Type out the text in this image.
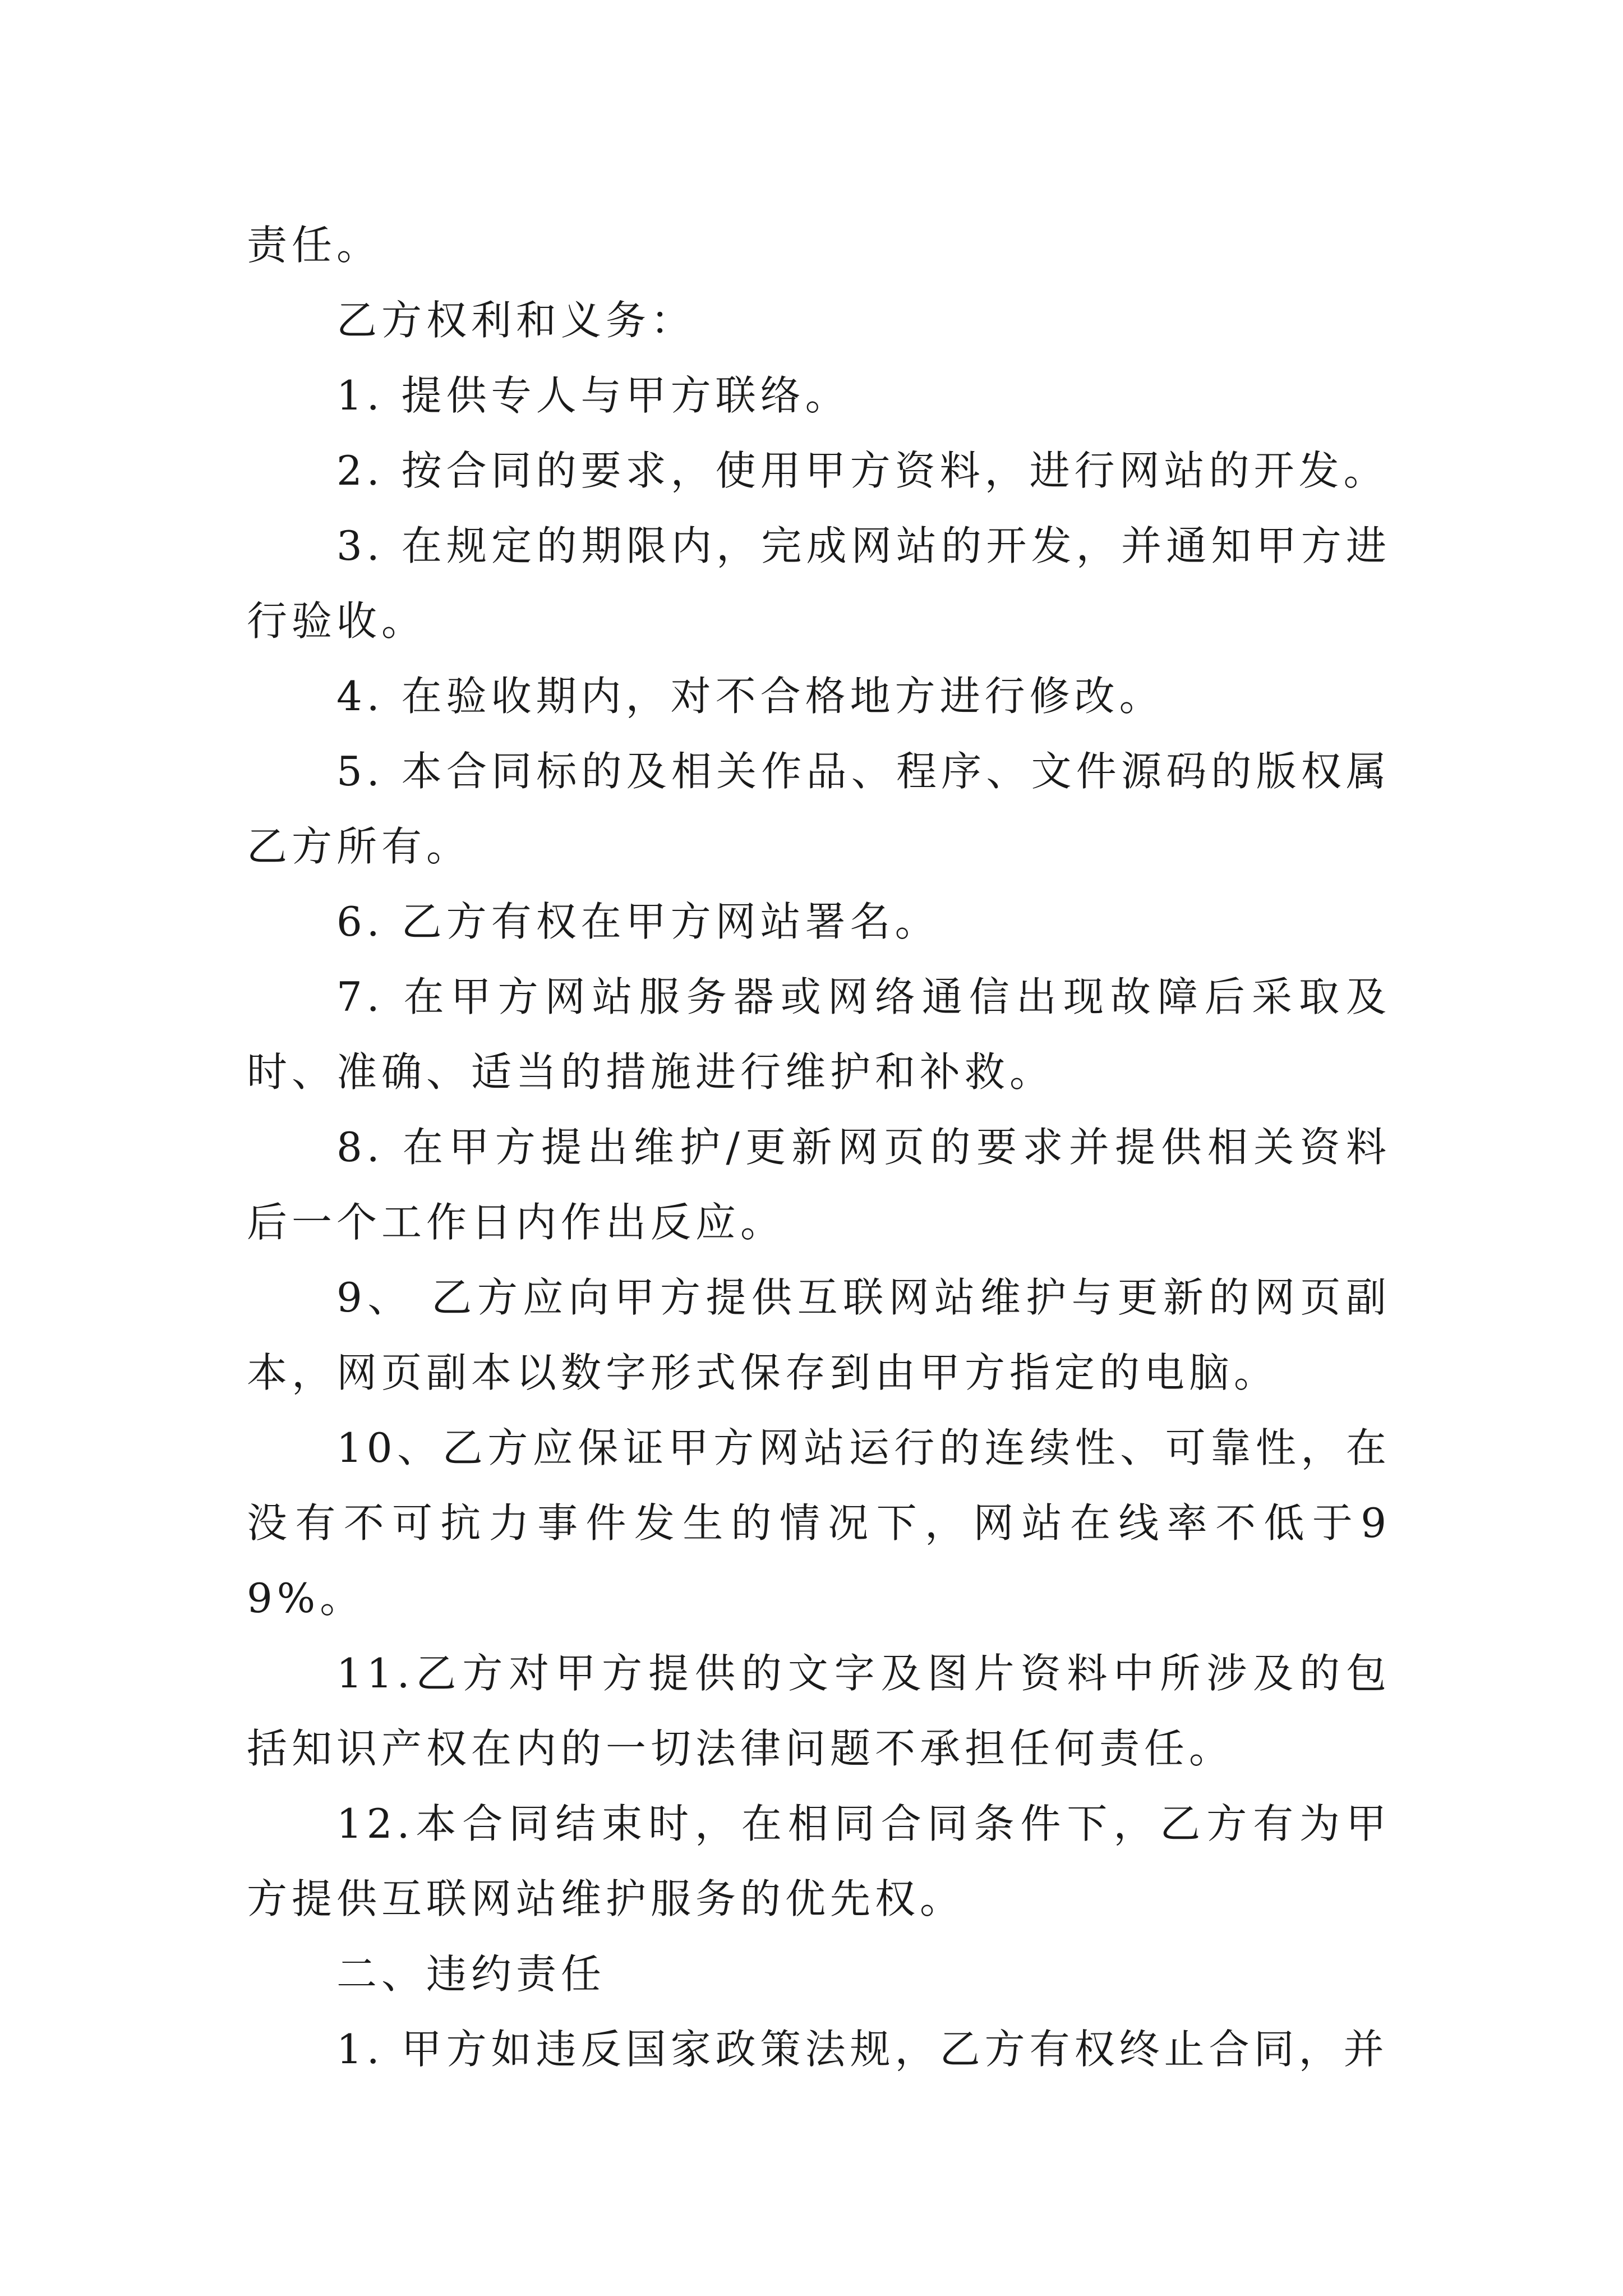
责任。

乙方权利和义务：

1. 提供专人与甲方联络。

2. 按合同的要求，使用甲方资料，进行网站的开发。

3. 在规定的期限内，完成网站的开发，并通知甲方进行验收。

4. 在验收期内，对不合格地方进行修改。

5. 本合同标的及相关作品、程序、文件源码的版权属乙方所有。

6. 乙方有权在甲方网站署名。

7. 在甲方网站服务器或网络通信出现故障后采取及时、准确、适当的措施进行维护和补救。

8. 在甲方提出维护/更新网页的要求并提供相关资料后一个工作日内作出反应。

9、 乙方应向甲方提供互联网站维护与更新的网页副本，网页副本以数字形式保存到由甲方指定的电脑。

10、乙方应保证甲方网站运行的连续性、可靠性，在没有不可抗力事件发生的情况下，网站在线率不低于99%。

11.乙方对甲方提供的文字及图片资料中所涉及的包括知识产权在内的一切法律问题不承担任何责任。

12.本合同结束时，在相同合同条件下，乙方有为甲方提供互联网站维护服务的优先权。

二、违约责任

1. 甲方如违反国家政策法规，乙方有权终止合同，并
